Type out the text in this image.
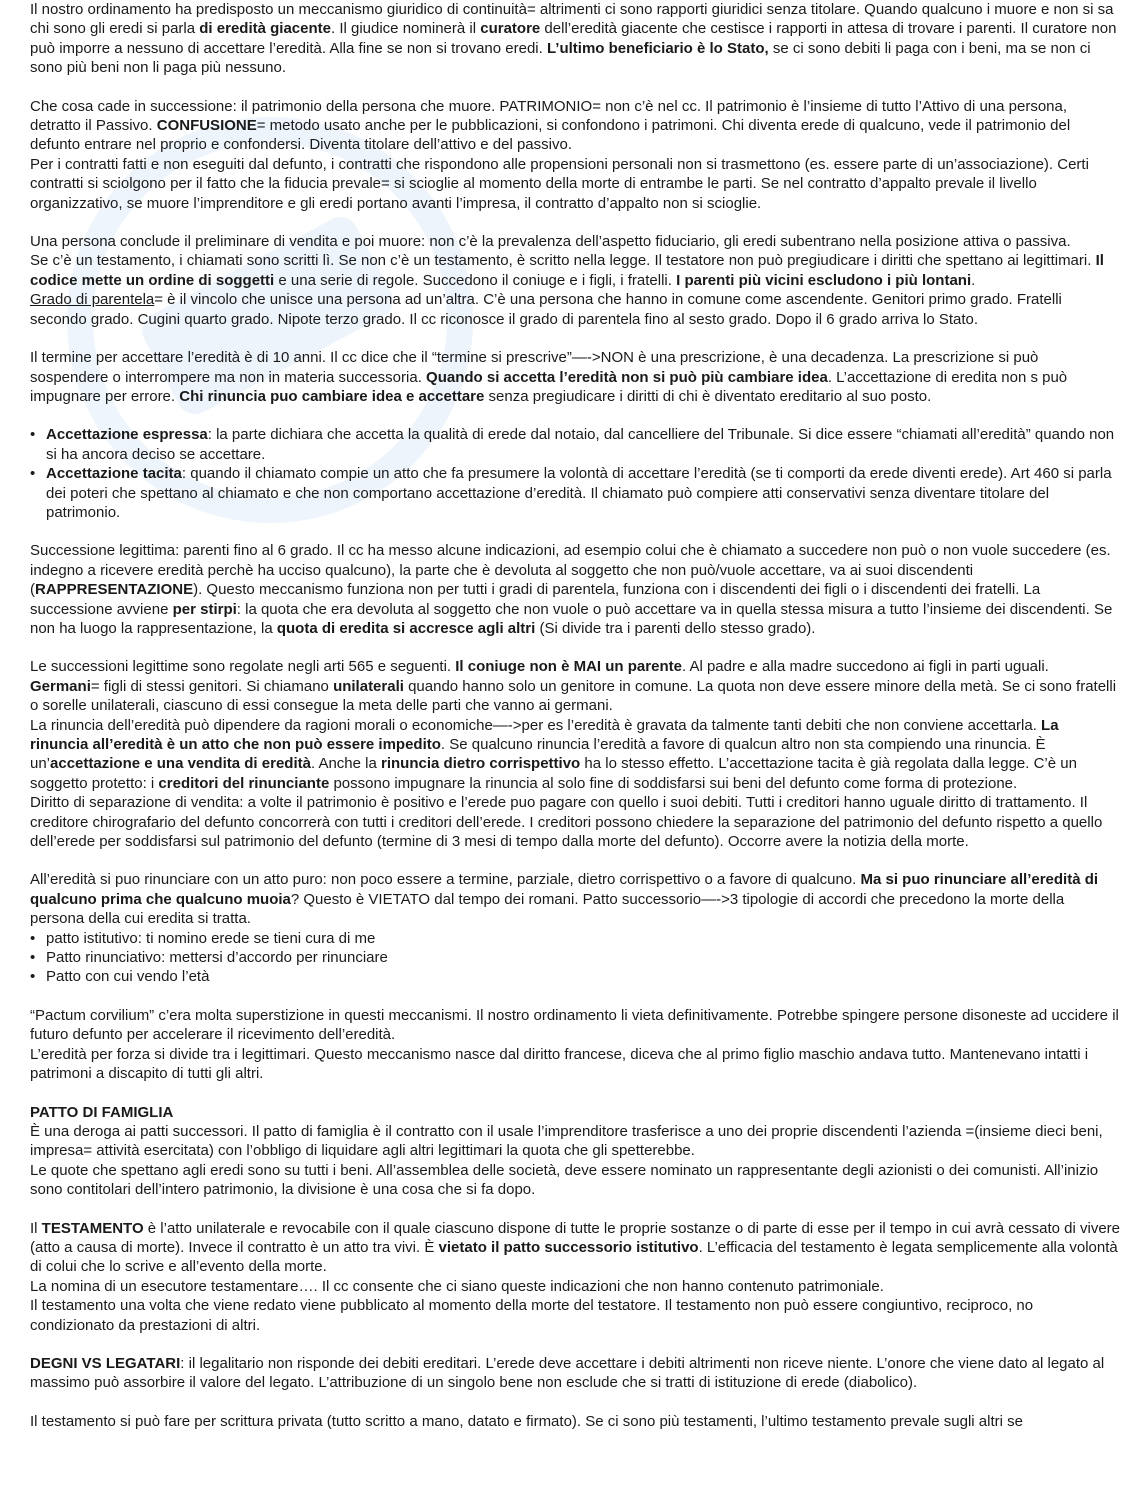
Il nostro ordinamento ha predisposto un meccanismo giuridico di continuità= altrimenti ci sono rapporti giuridici senza titolare. Quando qualcuno i muore e non si sa chi sono gli eredi si parla di eredità giacente. Il giudice nominerà il curatore dell’eredità giacente che cestisce i rapporti in attesa di trovare i parenti. Il curatore non può imporre a nessuno di accettare l’eredità. Alla fine se non si trovano eredi. L’ultimo beneficiario è lo Stato, se ci sono debiti li paga con i beni, ma se non ci sono più beni non li paga più nessuno.

Che cosa cade in successione: il patrimonio della persona che muore. PATRIMONIO= non c’è nel cc. Il patrimonio è l’insieme di tutto l’Attivo di una persona, detratto il Passivo. CONFUSIONE= metodo usato anche per le pubblicazioni, si confondono i patrimoni. Chi diventa erede di qualcuno, vede il patrimonio del defunto entrare nel proprio e confondersi. Diventa titolare dell’attivo e del passivo.

Per i contratti fatti e non eseguiti dal defunto, i contratti che rispondono alle propensioni personali non si trasmettono (es. essere parte di un’associazione). Certi contratti si sciolgono per il fatto che la fiducia prevale= si scioglie al momento della morte di entrambe le parti. Se nel contratto d’appalto prevale il livello organizzativo, se muore l’imprenditore e gli eredi portano avanti l’impresa, il contratto d’appalto non si scioglie.

Una persona conclude il preliminare di vendita e poi muore: non c’è la prevalenza dell’aspetto fiduciario, gli eredi subentrano nella posizione attiva o passiva.

Se c’è un testamento, i chiamati sono scritti lì. Se non c’è un testamento, è scritto nella legge. Il testatore non può pregiudicare i diritti che spettano ai legittimari. Il codice mette un ordine di soggetti e una serie di regole. Succedono il coniuge e i figli, i fratelli. I parenti più vicini escludono i più lontani.

Grado di parentela= è il vincolo che unisce una persona ad un’altra. C’è una persona che hanno in comune come ascendente. Genitori primo grado. Fratelli secondo grado. Cugini quarto grado. Nipote terzo grado. Il cc riconosce il grado di parentela fino al sesto grado. Dopo il 6 grado arriva lo Stato.

Il termine per accettare l’eredità è di 10 anni. Il cc dice che il “termine si prescrive”—->NON è una prescrizione, è una decadenza. La prescrizione si può sospendere o interrompere ma non in materia successoria. Quando si accetta l’eredità non si può più cambiare idea. L’accettazione di eredita non s può impugnare per errore. Chi rinuncia puo cambiare idea e accettare senza pregiudicare i diritti di chi è diventato ereditario al suo posto.

• Accettazione espressa: la parte dichiara che accetta la qualità di erede dal notaio, dal cancelliere del Tribunale. Si dice essere “chiamati all’eredità” quando non si ha ancora deciso se accettare.
• Accettazione tacita: quando il chiamato compie un atto che fa presumere la volontà di accettare l’eredità (se ti comporti da erede diventi erede). Art 460 si parla dei poteri che spettano al chiamato e che non comportano accettazione d’eredità. Il chiamato può compiere atti conservativi senza diventare titolare del patrimonio.

Successione legittima: parenti fino al 6 grado. Il cc ha messo alcune indicazioni, ad esempio colui che è chiamato a succedere non può o non vuole succedere (es. indegno a ricevere eredità perchè ha ucciso qualcuno), la parte che è devoluta al soggetto che non può/vuole accettare, va ai suoi discendenti (RAPPRESENTAZIONE). Questo meccanismo funziona non per tutti i gradi di parentela, funziona con i discendenti dei figli o i discendenti dei fratelli. La successione avviene per stirpi: la quota che era devoluta al soggetto che non vuole o può accettare va in quella stessa misura a tutto l’insieme dei discendenti. Se non ha luogo la rappresentazione, la quota di eredita si accresce agli altri (Si divide tra i parenti dello stesso grado).

Le successioni legittime sono regolate negli arti 565 e seguenti. Il coniuge non è MAI un parente. Al padre e alla madre succedono ai figli in parti uguali. Germani= figli di stessi genitori. Si chiamano unilaterali quando hanno solo un genitore in comune. La quota non deve essere minore della metà. Se ci sono fratelli o sorelle unilaterali, ciascuno di essi consegue la meta delle parti che vanno ai germani.

La rinuncia dell’eredità può dipendere da ragioni morali o economiche—->per es l’eredità è gravata da talmente tanti debiti che non conviene accettarla. La rinuncia all’eredità è un atto che non può essere impedito. Se qualcuno rinuncia l’eredità a favore di qualcun altro non sta compiendo una rinuncia. È un’accettazione e una vendita di eredità. Anche la rinuncia dietro corrispettivo ha lo stesso effetto. L’accettazione tacita è già regolata dalla legge. C’è un soggetto protetto: i creditori del rinunciante possono impugnare la rinuncia al solo fine di soddisfarsi sui beni del defunto come forma di protezione.

Diritto di separazione di vendita: a volte il patrimonio è positivo e l’erede puo pagare con quello i suoi debiti. Tutti i creditori hanno uguale diritto di trattamento. Il creditore chirografario del defunto concorrerà con tutti i creditori dell’erede. I creditori possono chiedere la separazione del patrimonio del defunto rispetto a quello dell’erede per soddisfarsi sul patrimonio del defunto (termine di 3 mesi di tempo dalla morte del defunto). Occorre avere la notizia della morte.

All’eredità si puo rinunciare con un atto puro: non poco essere a termine, parziale, dietro corrispettivo o a favore di qualcuno. Ma si puo rinunciare all’eredità di qualcuno prima che qualcuno muoia? Questo è VIETATO dal tempo dei romani. Patto successorio—->3 tipologie di accordi che precedono la morte della persona della cui eredita si tratta.

• patto istitutivo: ti nomino erede se tieni cura di me
• Patto rinunciativo: mettersi d’accordo per rinunciare
• Patto con cui vendo l’età

“Pactum corvilium” c’era molta superstizione in questi meccanismi. Il nostro ordinamento li vieta definitivamente. Potrebbe spingere persone disoneste ad uccidere il futuro defunto per accelerare il ricevimento dell’eredità.

L’eredità per forza si divide tra i legittimari. Questo meccanismo nasce dal diritto francese, diceva che al primo figlio maschio andava tutto. Mantenevano intatti i patrimoni a discapito di tutti gli altri.

PATTO DI FAMIGLIA

È una deroga ai patti successori. Il patto di famiglia è il contratto con il usale l’imprenditore trasferisce a uno dei proprie discendenti l’azienda =(insieme dieci beni, impresa= attività esercitata) con l’obbligo di liquidare agli altri legittimari la quota che gli spetterebbe.

Le quote che spettano agli eredi sono su tutti i beni. All’assemblea delle società, deve essere nominato un rappresentante degli azionisti o dei comunisti. All’inizio sono contitolari dell’intero patrimonio, la divisione è una cosa che si fa dopo.

Il TESTAMENTO è l’atto unilaterale e revocabile con il quale ciascuno dispone di tutte le proprie sostanze o di parte di esse per il tempo in cui avrà cessato di vivere (atto a causa di morte). Invece il contratto è un atto tra vivi. È vietato il patto successorio istitutivo. L’efficacia del testamento è legata semplicemente alla volontà di colui che lo scrive e all’evento della morte.

La nomina di un esecutore testamentare…. Il cc consente che ci siano queste indicazioni che non hanno contenuto patrimoniale.

Il testamento una volta che viene redato viene pubblicato al momento della morte del testatore. Il testamento non può essere congiuntivo, reciproco, no condizionato da prestazioni di altri.

DEGNI VS LEGATARI: il legalitario non risponde dei debiti ereditari. L’erede deve accettare i debiti altrimenti non riceve niente. L’onore che viene dato al legato al massimo può assorbire il valore del legato. L’attribuzione di un singolo bene non esclude che si tratti di istituzione di erede (diabolico).

Il testamento si può fare per scrittura privata (tutto scritto a mano, datato e firmato). Se ci sono più testamenti, l’ultimo testamento prevale sugli altri se
